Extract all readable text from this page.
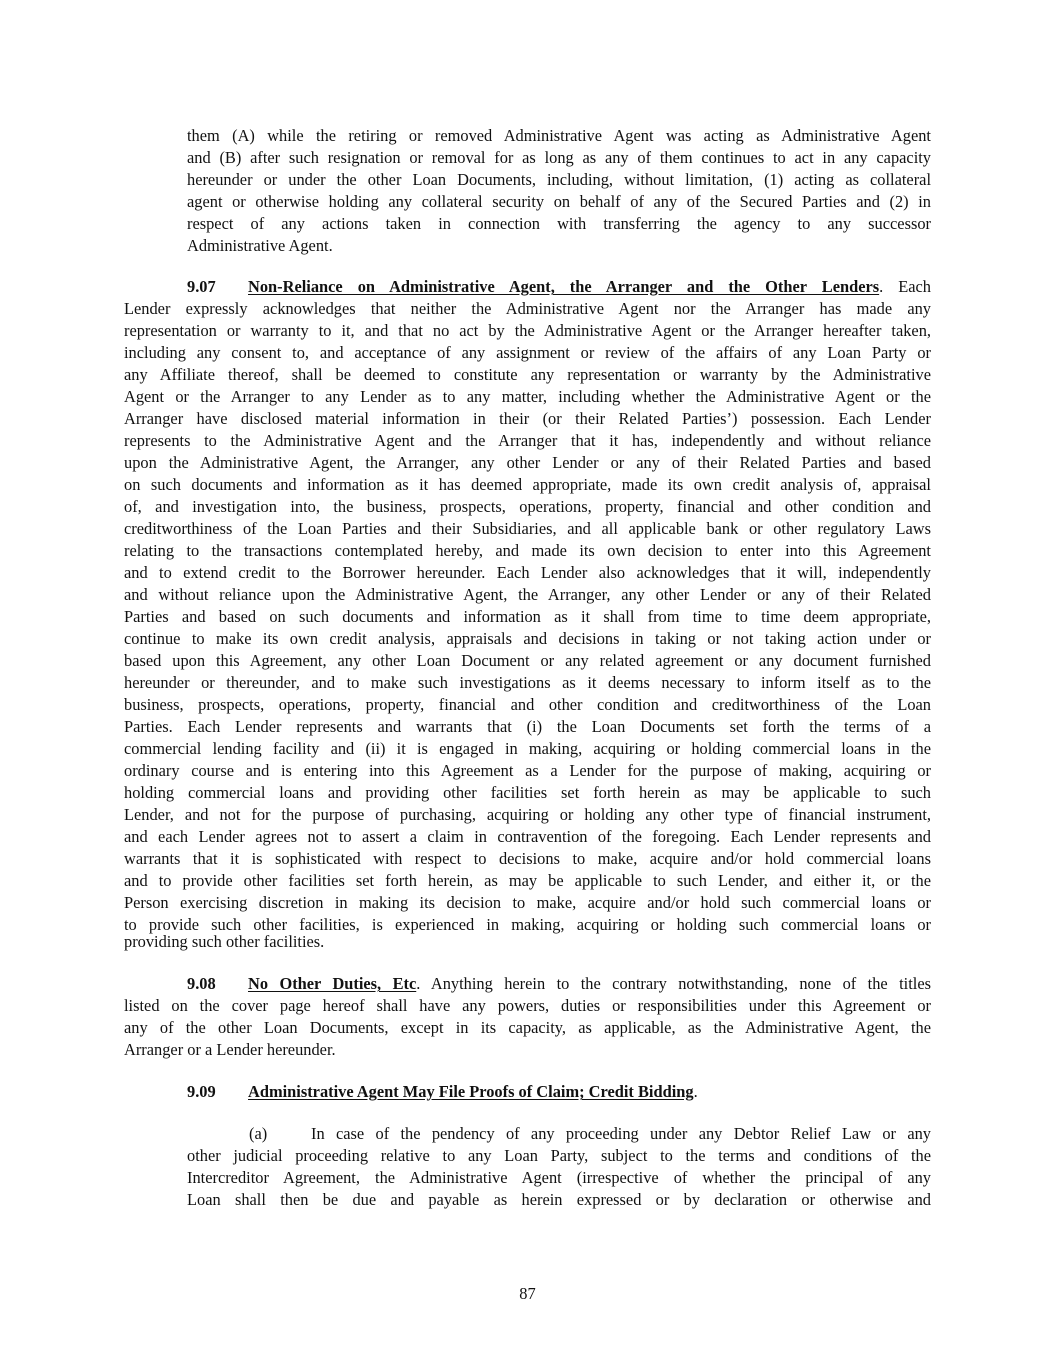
them (A) while the retiring or removed Administrative Agent was acting as Administrative Agent
and (B) after such resignation or removal for as long as any of them continues to act in any capacity
hereunder or under the other Loan Documents, including, without limitation, (1) acting as collateral
agent or otherwise holding any collateral security on behalf of any of the Secured Parties and (2) in
respect of any actions taken in connection with transferring the agency to any successor
Administrative Agent.
9.07 Non-Reliance on Administrative Agent, the Arranger and the Other Lenders. Each
Lender expressly acknowledges that neither the Administrative Agent nor the Arranger has made any
representation or warranty to it, and that no act by the Administrative Agent or the Arranger hereafter taken,
including any consent to, and acceptance of any assignment or review of the affairs of any Loan Party or
any Affiliate thereof, shall be deemed to constitute any representation or warranty by the Administrative
Agent or the Arranger to any Lender as to any matter, including whether the Administrative Agent or the
Arranger have disclosed material information in their (or their Related Parties’) possession. Each Lender
represents to the Administrative Agent and the Arranger that it has, independently and without reliance
upon the Administrative Agent, the Arranger, any other Lender or any of their Related Parties and based
on such documents and information as it has deemed appropriate, made its own credit analysis of, appraisal
of, and investigation into, the business, prospects, operations, property, financial and other condition and
creditworthiness of the Loan Parties and their Subsidiaries, and all applicable bank or other regulatory Laws
relating to the transactions contemplated hereby, and made its own decision to enter into this Agreement
and to extend credit to the Borrower hereunder. Each Lender also acknowledges that it will, independently
and without reliance upon the Administrative Agent, the Arranger, any other Lender or any of their Related
Parties and based on such documents and information as it shall from time to time deem appropriate,
continue to make its own credit analysis, appraisals and decisions in taking or not taking action under or
based upon this Agreement, any other Loan Document or any related agreement or any document furnished
hereunder or thereunder, and to make such investigations as it deems necessary to inform itself as to the
business, prospects, operations, property, financial and other condition and creditworthiness of the Loan
Parties. Each Lender represents and warrants that (i) the Loan Documents set forth the terms of a
commercial lending facility and (ii) it is engaged in making, acquiring or holding commercial loans in the
ordinary course and is entering into this Agreement as a Lender for the purpose of making, acquiring or
holding commercial loans and providing other facilities set forth herein as may be applicable to such
Lender, and not for the purpose of purchasing, acquiring or holding any other type of financial instrument,
and each Lender agrees not to assert a claim in contravention of the foregoing. Each Lender represents and
warrants that it is sophisticated with respect to decisions to make, acquire and/or hold commercial loans
and to provide other facilities set forth herein, as may be applicable to such Lender, and either it, or the
Person exercising discretion in making its decision to make, acquire and/or hold such commercial loans or
to provide such other facilities, is experienced in making, acquiring or holding such commercial loans or
providing such other facilities.
9.08 No Other Duties, Etc. Anything herein to the contrary notwithstanding, none of the titles
listed on the cover page hereof shall have any powers, duties or responsibilities under this Agreement or
any of the other Loan Documents, except in its capacity, as applicable, as the Administrative Agent, the
Arranger or a Lender hereunder.
9.09 Administrative Agent May File Proofs of Claim; Credit Bidding.
(a)	In case of the pendency of any proceeding under any Debtor Relief Law or any
other judicial proceeding relative to any Loan Party, subject to the terms and conditions of the
Intercreditor Agreement, the Administrative Agent (irrespective of whether the principal of any
Loan shall then be due and payable as herein expressed or by declaration or otherwise and
87
